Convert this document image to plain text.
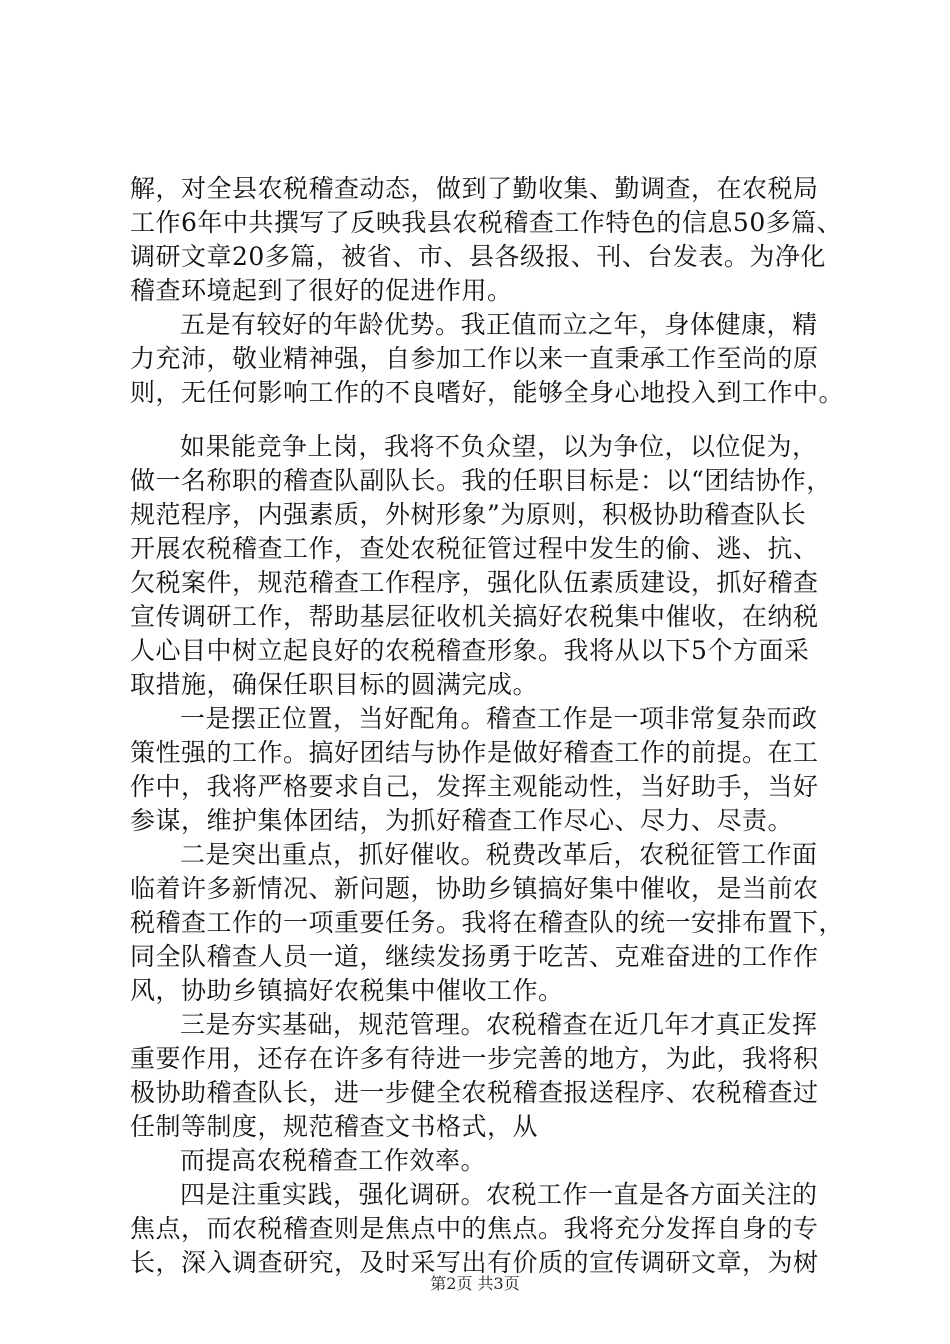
解，对全县农税稽查动态，做到了勤收集、勤调查，在农税局
工作6年中共撰写了反映我县农税稽查工作特色的信息50多篇、
调研文章20多篇，被省、市、县各级报、刊、台发表。为净化
稽查环境起到了很好的促进作用。
五是有较好的年龄优势。我正值而立之年，身体健康，精
力充沛，敬业精神强，自参加工作以来一直秉承工作至尚的原
则，无任何影响工作的不良嗜好，能够全身心地投入到工作中。
如果能竞争上岗，我将不负众望，以为争位，以位促为，
做一名称职的稽查队副队长。我的任职目标是：以“团结协作，
规范程序，内强素质，外树形象”为原则，积极协助稽查队长
开展农税稽查工作，查处农税征管过程中发生的偷、逃、抗、
欠税案件，规范稽查工作程序，强化队伍素质建设，抓好稽查
宣传调研工作，帮助基层征收机关搞好农税集中催收，在纳税
人心目中树立起良好的农税稽查形象。我将从以下5个方面采
取措施，确保任职目标的圆满完成。
一是摆正位置，当好配角。稽查工作是一项非常复杂而政
策性强的工作。搞好团结与协作是做好稽查工作的前提。在工
作中，我将严格要求自己，发挥主观能动性，当好助手，当好
参谋，维护集体团结，为抓好稽查工作尽心、尽力、尽责。
二是突出重点，抓好催收。税费改革后，农税征管工作面
临着许多新情况、新问题，协助乡镇搞好集中催收，是当前农
税稽查工作的一项重要任务。我将在稽查队的统一安排布置下，
同全队稽查人员一道，继续发扬勇于吃苦、克难奋进的工作作
风，协助乡镇搞好农税集中催收工作。
三是夯实基础，规范管理。农税稽查在近几年才真正发挥
重要作用，还存在许多有待进一步完善的地方，为此，我将积
极协助稽查队长，进一步健全农税稽查报送程序、农税稽查过
任制等制度，规范稽查文书格式，从
而提高农税稽查工作效率。
四是注重实践，强化调研。农税工作一直是各方面关注的
焦点，而农税稽查则是焦点中的焦点。我将充分发挥自身的专
长，深入调查研究，及时采写出有价质的宣传调研文章，为树
第2页 共3页
